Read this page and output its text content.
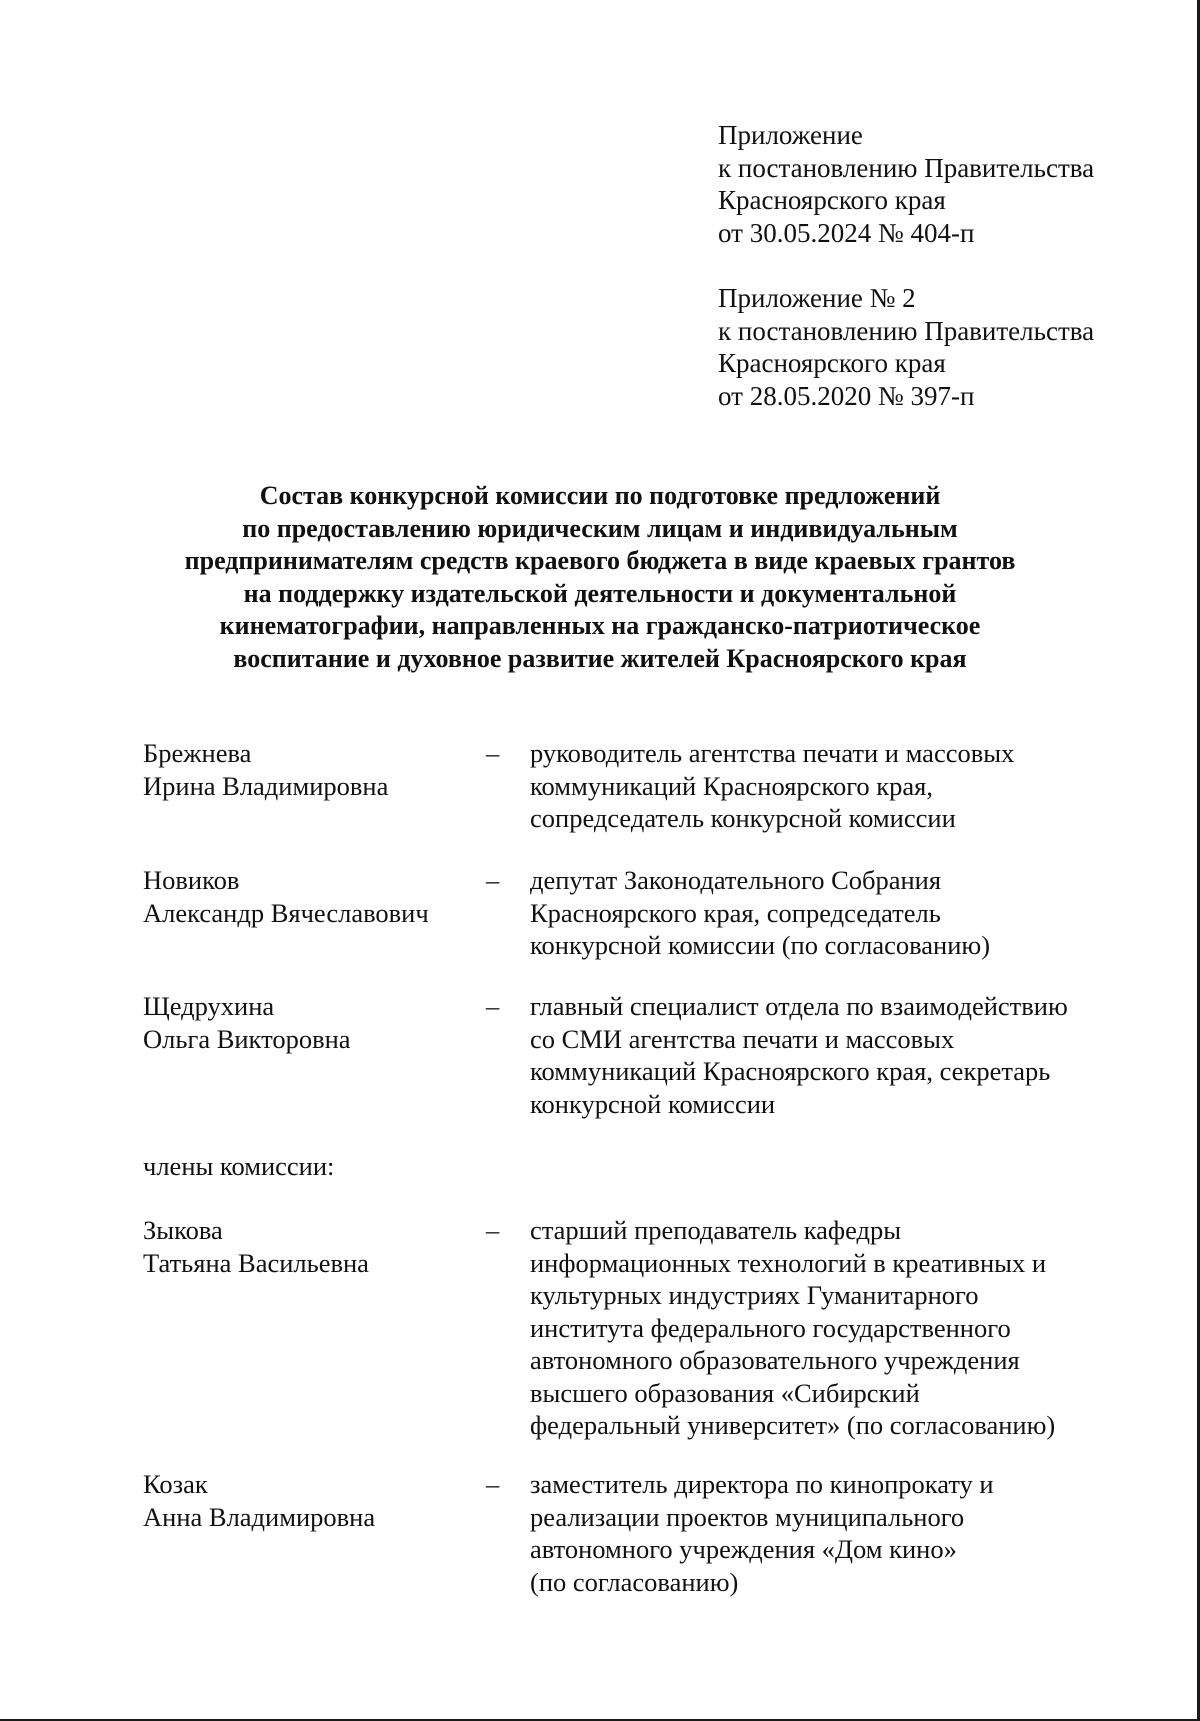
Приложение
к постановлению Правительства
Красноярского края
от 30.05.2024 № 404-п
Приложение № 2
к постановлению Правительства
Красноярского края
от 28.05.2020 № 397-п
Состав конкурсной комиссии по подготовке предложений
по предоставлению юридическим лицам и индивидуальным
предпринимателям средств краевого бюджета в виде краевых грантов
на поддержку издательской деятельности и документальной
кинематографии, направленных на гражданско-патриотическое
воспитание и духовное развитие жителей Красноярского края
Брежнева
Ирина Владимировна
– руководитель агентства печати и массовых
коммуникаций Красноярского края,
сопредседатель конкурсной комиссии
Новиков
Александр Вячеславович
– депутат Законодательного Собрания
Красноярского края, сопредседатель
конкурсной комиссии (по согласованию)
Щедрухина
Ольга Викторовна
– главный специалист отдела по взаимодействию
со СМИ агентства печати и массовых
коммуникаций Красноярского края, секретарь
конкурсной комиссии
члены комиссии:
Зыкова
Татьяна Васильевна
– старший преподаватель кафедры
информационных технологий в креативных и
культурных индустриях Гуманитарного
института федерального государственного
автономного образовательного учреждения
высшего образования «Сибирский
федеральный университет» (по согласованию)
Козак
Анна Владимировна
– заместитель директора по кинопрокату и
реализации проектов муниципального
автономного учреждения «Дом кино»
(по согласованию)
